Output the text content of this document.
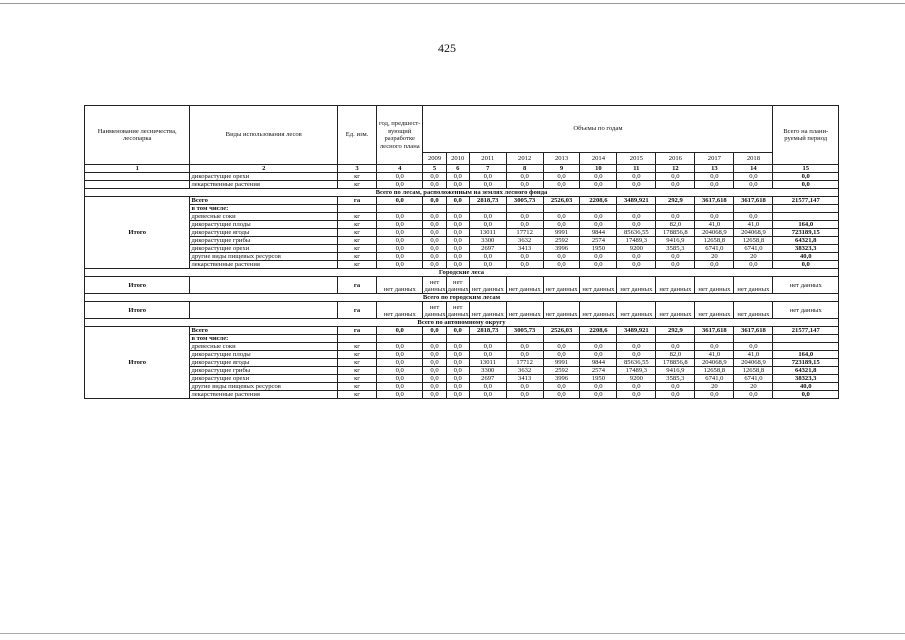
425
Наименование лесничества, лесопарка	Виды использования лесов	Ед. изм.	год, предшест-вующий разработке лесного плана	Объемы по годам										Всего на плани-руемый период
				2009	2010	2011	2012	2013	2014	2015	2016	2017	2018	
1	2	3	4	5	6	7	8	9	10	11	12	13	14	15
	дикорастущие орехи	кг	0,0	0,0	0,0	0,0	0,0	0,0	0,0	0,0	0,0	0,0	0,0	0,0
	лекарственные растения	кг	0,0	0,0	0,0	0,0	0,0	0,0	0,0	0,0	0,0	0,0	0,0	0,0
Всего по лесам, расположенным на землях лесного фонда														
Итого	Всего	га	0,0	0,0	0,0	2818,73	3005,73	2526,03	2208,6	3489,921	292,9	3617,618	3617,618	21577,147
	в том числе:													
	древесные соки	кг	0,0	0,0	0,0	0,0	0,0	0,0	0,0	0,0	0,0	0,0	0,0	
	дикорастущие плоды	кг	0,0	0,0	0,0	0,0	0,0	0,0	0,0	0,0	82,0	41,0	41,0	164,0
	дикорастущие ягоды	кг	0,0	0,0	0,0	13011	17712	9991	9844	85636,55	178856,8	204068,9	204068,9	723189,15
	дикорастущие грибы	кг	0,0	0,0	0,0	3300	3632	2592	2574	17489,3	9416,9	12658,8	12658,8	64321,8
	дикорастущие орехи	кг	0,0	0,0	0,0	2697	3413	3996	1950	9200	3585,3	6741,0	6741,0	38323,3
	другие виды пищевых ресурсов	кг	0,0	0,0	0,0	0,0	0,0	0,0	0,0	0,0	0,0	20	20	40,0
	лекарственные растения	кг	0,0	0,0	0,0	0,0	0,0	0,0	0,0	0,0	0,0	0,0	0,0	0,0
Городские леса														
Итого		га	нет данных	нет данных	нет данных	нет данных	нет данных	нет данных	нет данных	нет данных	нет данных	нет данных	нет данных	нет данных
Всего по городским лесам														
Итого		га	нет данных	нет данных	нет данных	нет данных	нет данных	нет данных	нет данных	нет данных	нет данных	нет данных	нет данных	нет данных
Всего по автономному округу														
Итого	Всего	га	0,0	0,0	0,0	2818,73	3005,73	2526,03	2208,6	3489,921	292,9	3617,618	3617,618	21577,147
	в том числе:													
	древесные соки	кг	0,0	0,0	0,0	0,0	0,0	0,0	0,0	0,0	0,0	0,0	0,0	
	дикорастущие плоды	кг	0,0	0,0	0,0	0,0	0,0	0,0	0,0	0,0	82,0	41,0	41,0	164,0
	дикорастущие ягоды	кг	0,0	0,0	0,0	13011	17712	9991	9844	85636,55	178856,8	204068,9	204068,9	723189,15
	дикорастущие грибы	кг	0,0	0,0	0,0	3300	3632	2592	2574	17489,3	9416,9	12658,8	12658,8	64321,8
	дикорастущие орехи	кг	0,0	0,0	0,0	2697	3413	3996	1950	9200	3585,3	6741,0	6741,0	38323,3
	другие виды пищевых ресурсов	кг	0,0	0,0	0,0	0,0	0,0	0,0	0,0	0,0	0,0	20	20	40,0
	лекарственные растения	кг	0,0	0,0	0,0	0,0	0,0	0,0	0,0	0,0	0,0	0,0	0,0	0,0
